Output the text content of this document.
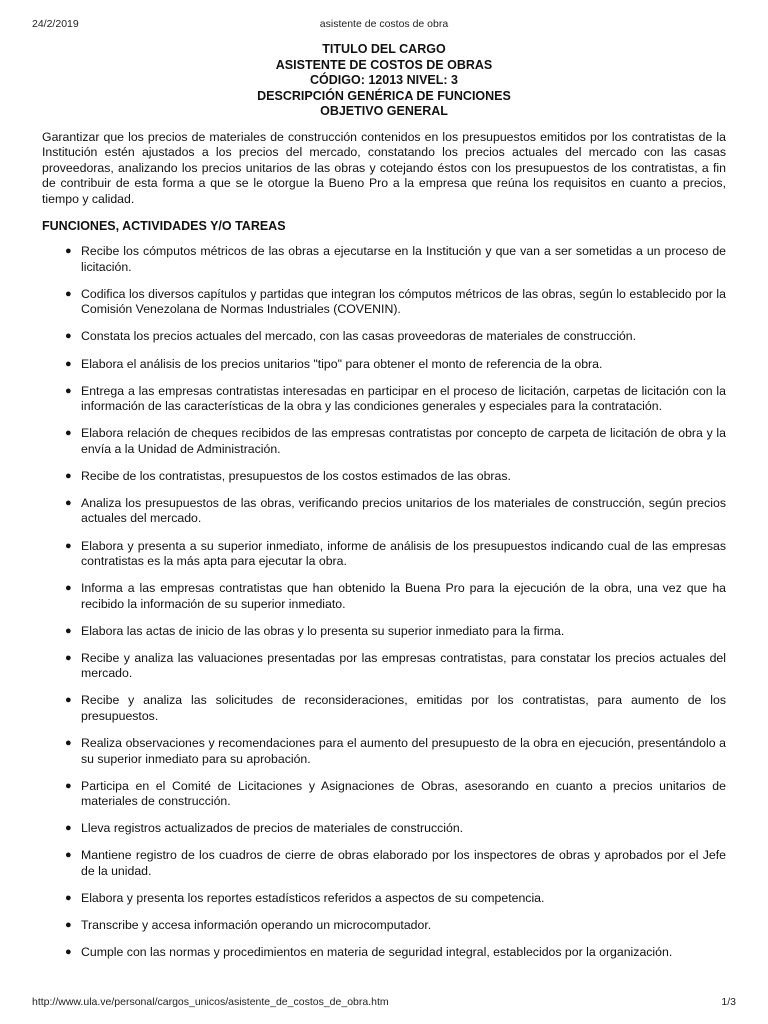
24/2/2019	asistente de costos de obra
TITULO DEL CARGO
ASISTENTE DE COSTOS DE OBRAS
CÓDIGO: 12013 NIVEL: 3
DESCRIPCIÓN GENÉRICA DE FUNCIONES
OBJETIVO GENERAL

Garantizar que los precios de materiales de construcción contenidos en los presupuestos emitidos por los contratistas de la Institución estén ajustados a los precios del mercado, constatando los precios actuales del mercado con las casas proveedoras, analizando los precios unitarios de las obras y cotejando éstos con los presupuestos de los contratistas, a fin de contribuir de esta forma a que se le otorgue la Bueno Pro a la empresa que reúna los requisitos en cuanto a precios, tiempo y calidad.

FUNCIONES, ACTIVIDADES Y/O TAREAS
● Recibe los cómputos métricos de las obras a ejecutarse en la Institución y que van a ser sometidas a un proceso de licitación.
● Codifica los diversos capítulos y partidas que integran los cómputos métricos de las obras, según lo establecido por la Comisión Venezolana de Normas Industriales (COVENIN).
● Constata los precios actuales del mercado, con las casas proveedoras de materiales de construcción.
● Elabora el análisis de los precios unitarios "tipo" para obtener el monto de referencia de la obra.
● Entrega a las empresas contratistas interesadas en participar en el proceso de licitación, carpetas de licitación con la información de las características de la obra y las condiciones generales y especiales para la contratación.
● Elabora relación de cheques recibidos de las empresas contratistas por concepto de carpeta de licitación de obra y la envía a la Unidad de Administración.
● Recibe de los contratistas, presupuestos de los costos estimados de las obras.
● Analiza los presupuestos de las obras, verificando precios unitarios de los materiales de construcción, según precios actuales del mercado.
● Elabora y presenta a su superior inmediato, informe de análisis de los presupuestos indicando cual de las empresas contratistas es la más apta para ejecutar la obra.
● Informa a las empresas contratistas que han obtenido la Buena Pro para la ejecución de la obra, una vez que ha recibido la información de su superior inmediato.
● Elabora las actas de inicio de las obras y lo presenta su superior inmediato para la firma.
● Recibe y analiza las valuaciones presentadas por las empresas contratistas, para constatar los precios actuales del mercado.
● Recibe y analiza las solicitudes de reconsideraciones, emitidas por los contratistas, para aumento de los presupuestos.
● Realiza observaciones y recomendaciones para el aumento del presupuesto de la obra en ejecución, presentándolo a su superior inmediato para su aprobación.
● Participa en el Comité de Licitaciones y Asignaciones de Obras, asesorando en cuanto a precios unitarios de materiales de construcción.
● Lleva registros actualizados de precios de materiales de construcción.
● Mantiene registro de los cuadros de cierre de obras elaborado por los inspectores de obras y aprobados por el Jefe de la unidad.
● Elabora y presenta los reportes estadísticos referidos a aspectos de su competencia.
● Transcribe y accesa información operando un microcomputador.
● Cumple con las normas y procedimientos en materia de seguridad integral, establecidos por la organización.
http://www.ula.ve/personal/cargos_unicos/asistente_de_costos_de_obra.htm	1/3
